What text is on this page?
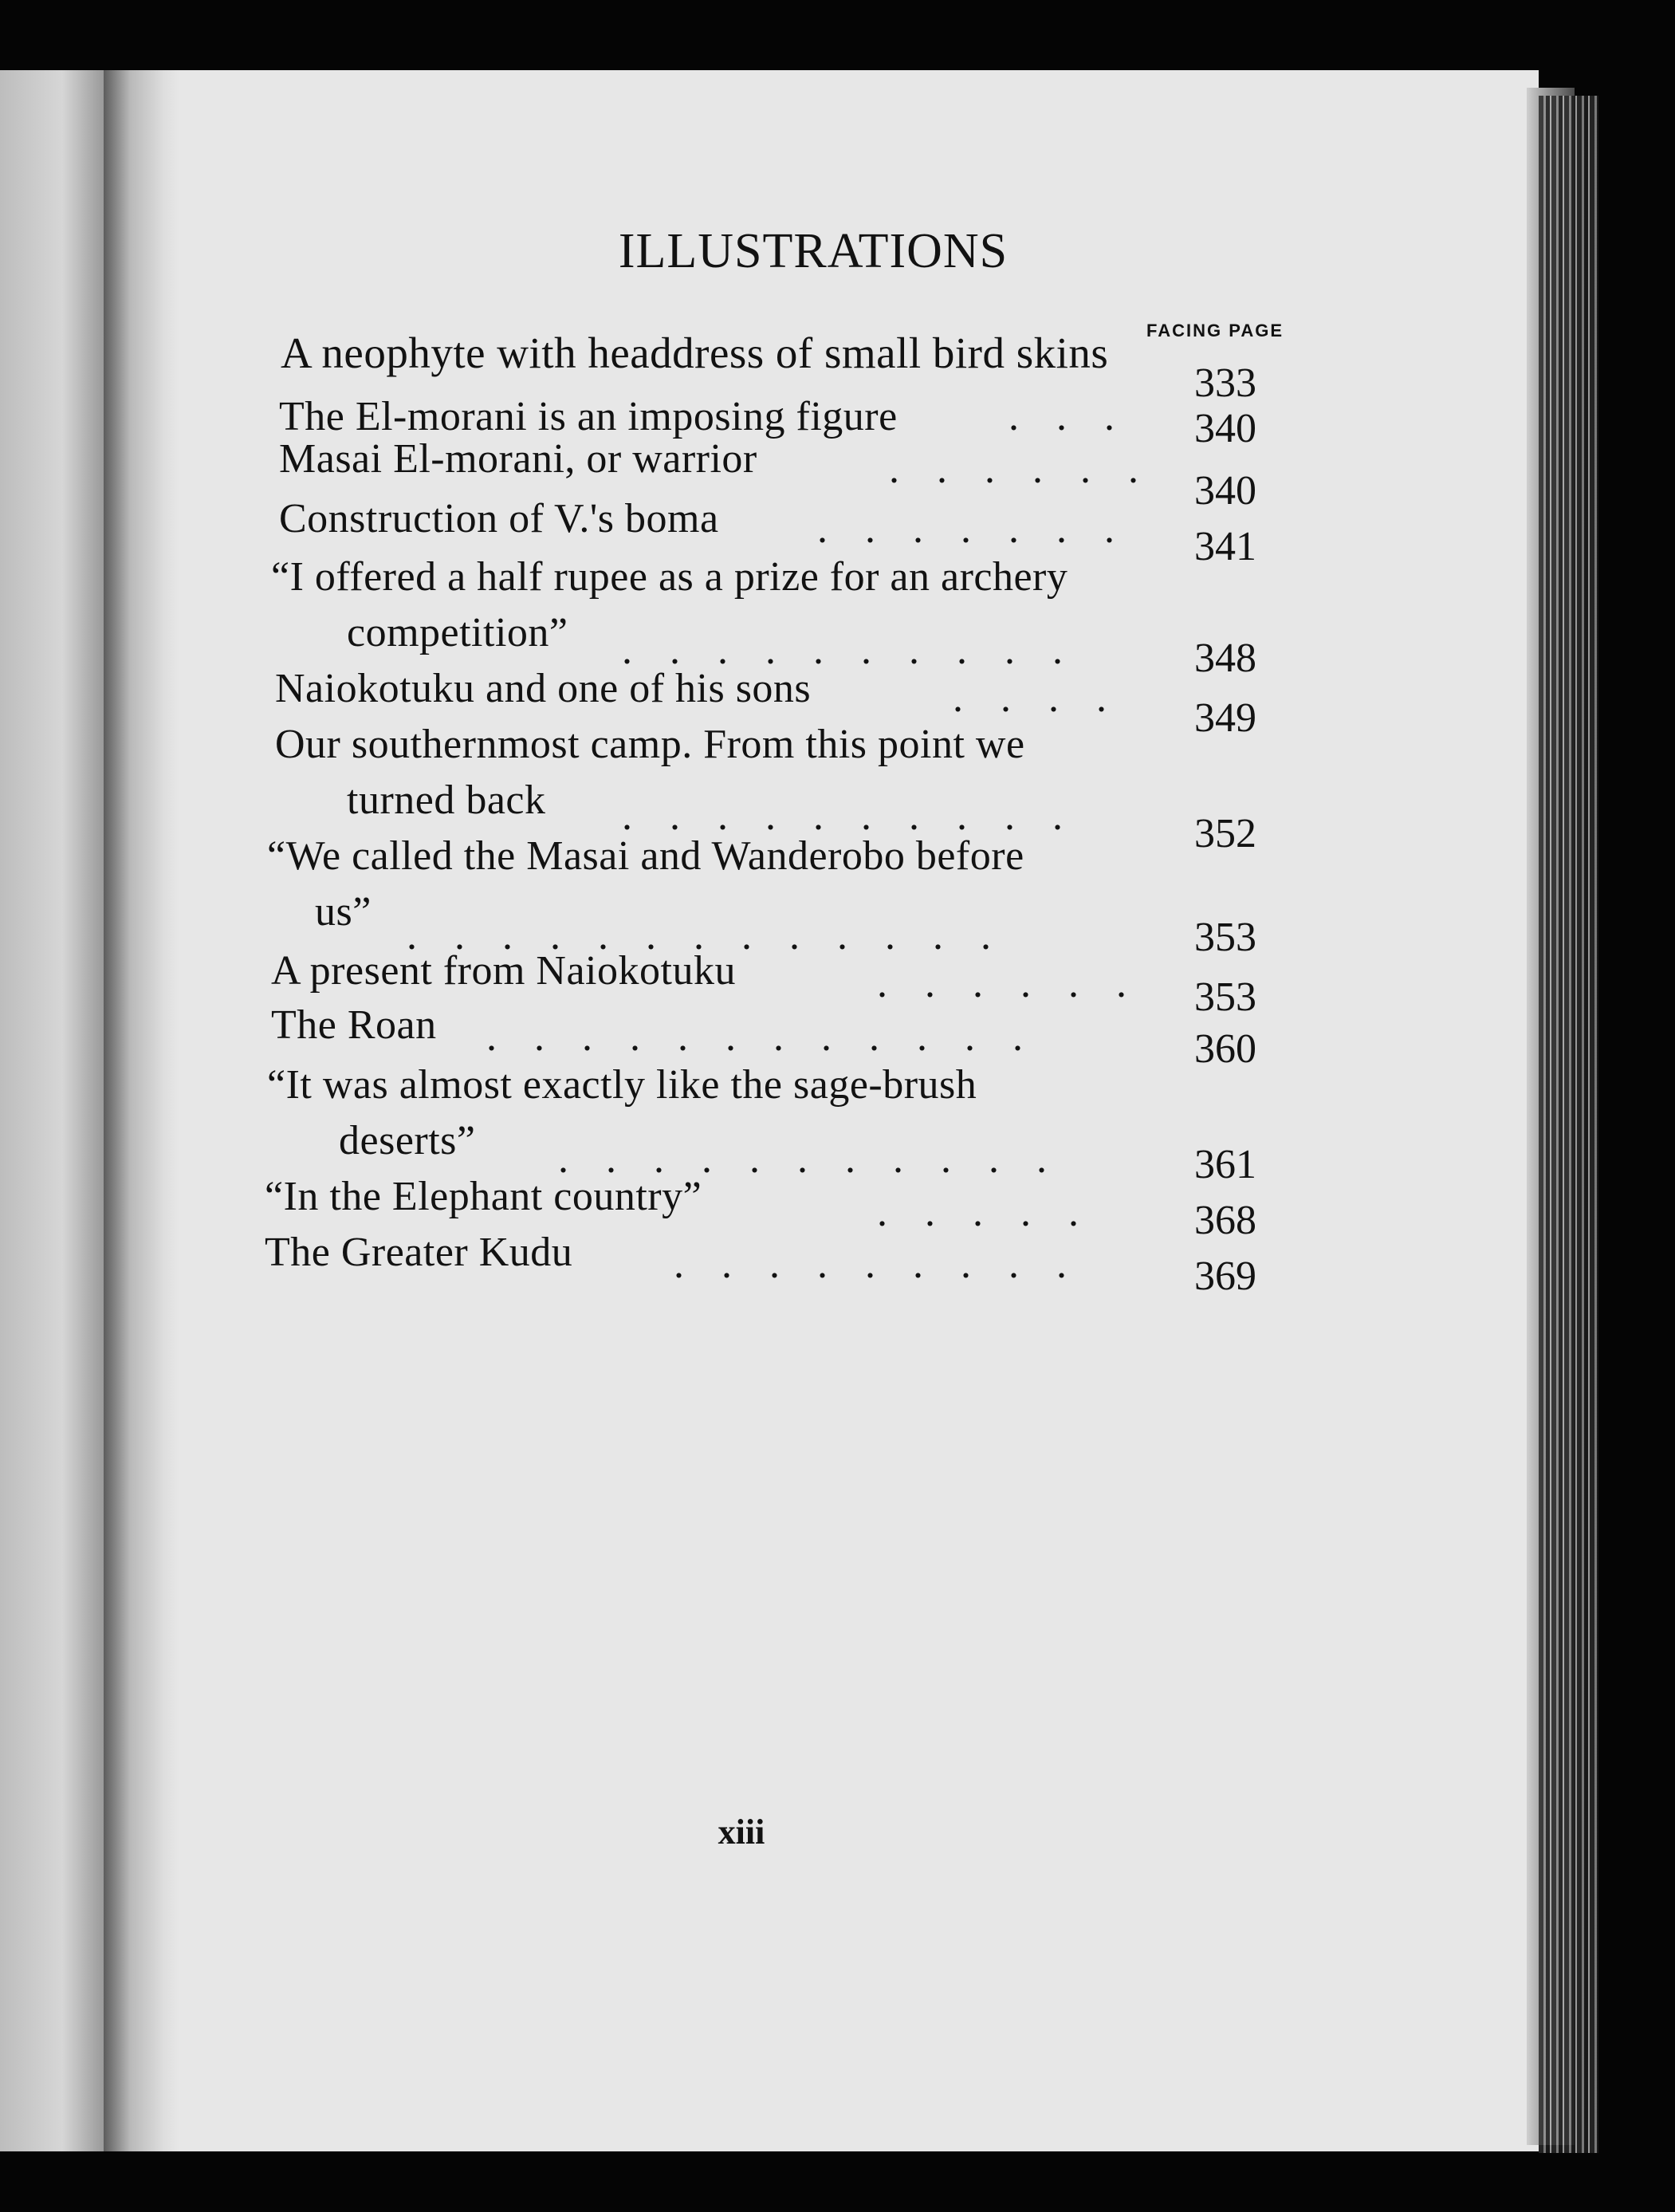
ILLUSTRATIONS
FACING PAGE
A neophyte with headdress of small bird skins
333
The El-morani is an imposing figure	.   .   . 340
Masai El-morani, or warrior	.   .   .   .   .   . 340
Construction of V.'s boma .   .   .   .   .   .   . 341
“I offered a half rupee as a prize for an archery
competition” .   .   .   .   .   .   .   .   .   .	348
Naiokotuku and one of his sons	.   .   .   . 349
Our southernmost camp. From this point we
turned back .   .   .   .   .   .   .   .   .   .	352
“We called the Masai and Wanderobo before
us”
.   .   .   .   .   .   .   .   .   .   .   .   .	353
A present from Naiokotuku	.   .   .   .   .   . 353
The Roan .   .   .   .   .   .   .   .   .   .   .   .	360
“It was almost exactly like the sage-brush
deserts” .   .   .   .   .   .   .   .   .   .   .	361
“In the Elephant country”	.   .   .   .   .	368
The Greater Kudu .   .   .   .   .   .   .   .   .	369
xiii
